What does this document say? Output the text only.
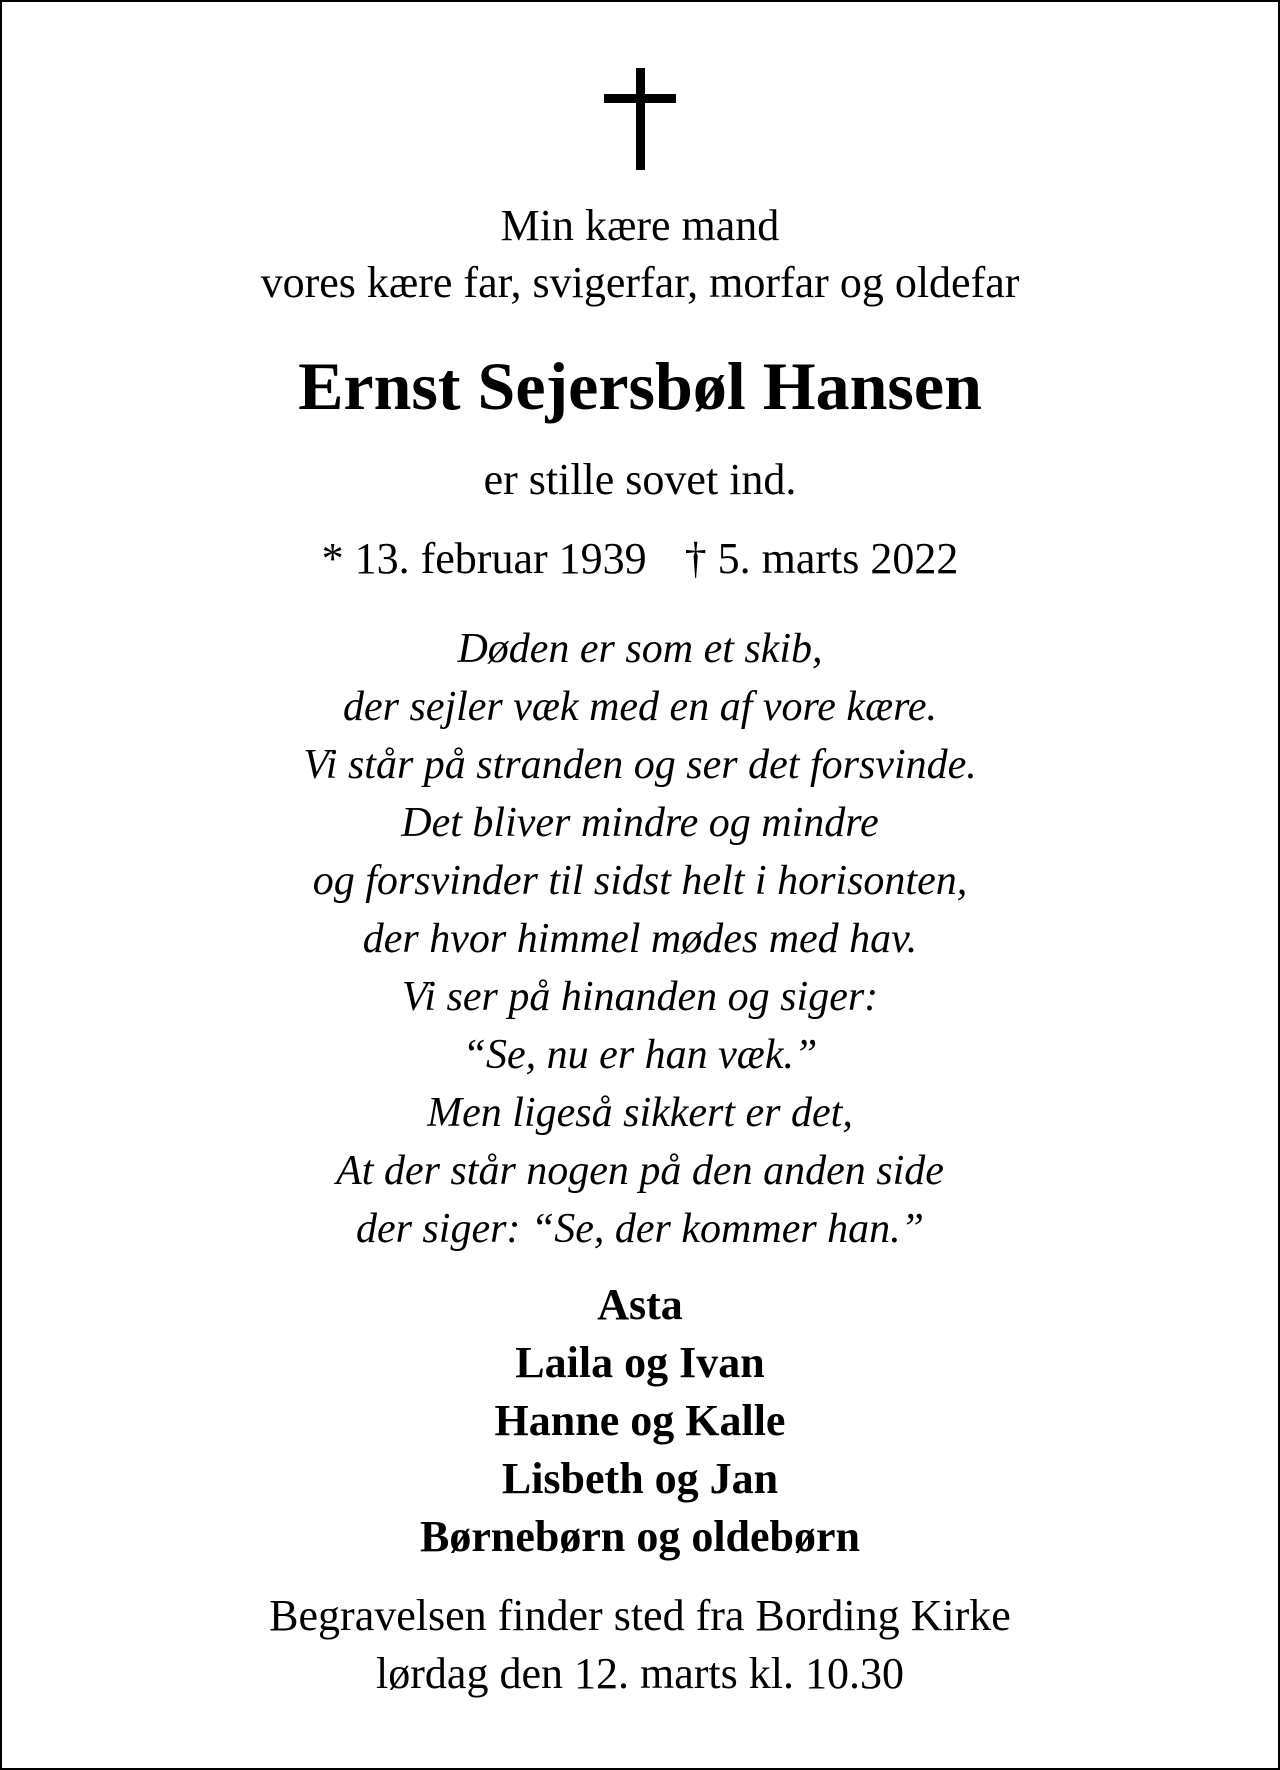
Min kære mand
vores kære far, svigerfar, morfar og oldefar
Ernst Sejersbøl Hansen
er stille sovet ind.
* 13. februar 1939 † 5. marts 2022
Døden er som et skib,
der sejler væk med en af vore kære.
Vi står på stranden og ser det forsvinde.
Det bliver mindre og mindre
og forsvinder til sidst helt i horisonten,
der hvor himmel mødes med hav.
Vi ser på hinanden og siger:
“Se, nu er han væk.”
Men ligeså sikkert er det,
At der står nogen på den anden side
der siger: “Se, der kommer han.”
Asta
Laila og Ivan
Hanne og Kalle
Lisbeth og Jan
Børnebørn og oldebørn
Begravelsen finder sted fra Bording Kirke
lørdag den 12. marts kl. 10.30
